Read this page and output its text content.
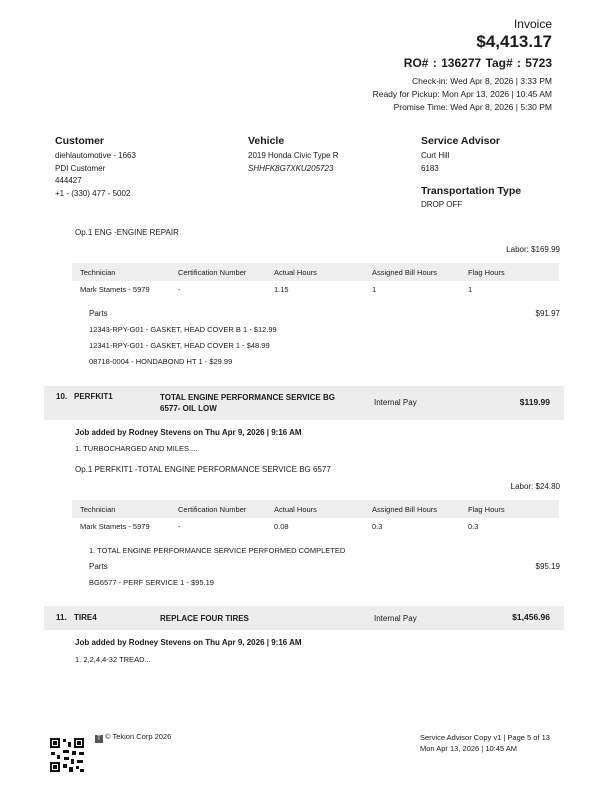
Invoice
$4,413.17
RO# : 136277 Tag# : 5723
Check-in: Wed Apr 8, 2026 | 3:33 PM
Ready for Pickup: Mon Apr 13, 2026 | 10:45 AM
Promise Time: Wed Apr 8, 2026 | 5:30 PM
Customer
diehlautomotive - 1663
PDI Customer
444427
+1 - (330) 477 - 5002
Vehicle
2019 Honda Civic Type R
SHHFK8G7XKU205723
Service Advisor
Curt Hill
6183
Transportation Type
DROP OFF
Op.1 ENG -ENGINE REPAIR
Labor: $169.99
Technician	Certification Number	Actual Hours	Assigned Bill Hours	Flag Hours
Mark Stamets - 5979	-	1.15	1	1
Parts	$91.97
12343-RPY-G01 - GASKET, HEAD COVER B 1 - $12.99
12341-RPY-G01 - GASKET, HEAD COVER 1 - $48.99
08718-0004 - HONDABOND HT 1 - $29.99
10. PERFKIT1	TOTAL ENGINE PERFORMANCE SERVICE BG
6577- OIL LOW
Internal Pay	$119.99
Job added by Rodney Stevens on Thu Apr 9, 2026 | 9:16 AM
1. TURBOCHARGED AND MILES....
Op.1 PERFKIT1 -TOTAL ENGINE PERFORMANCE SERVICE BG 6577
Labor: $24.80
Technician	Certification Number	Actual Hours	Assigned Bill Hours	Flag Hours
Mark Stamets - 5979	-	0.08	0.3	0.3
1. TOTAL ENGINE PERFORMANCE SERVICE PERFORMED COMPLETED
Parts	$95.19
BG6577 - PERF SERVICE 1 - $95.19
11. TIRE4	REPLACE FOUR TIRES	Internal Pay	$1,456.96
Job added by Rodney Stevens on Thu Apr 9, 2026 | 9:16 AM
1. 2,2,4,4-32 TREAD...
T © Tekion Corp 2026	Service Advisor Copy v1 | Page 5 of 13
Mon Apr 13, 2026 | 10:45 AM
